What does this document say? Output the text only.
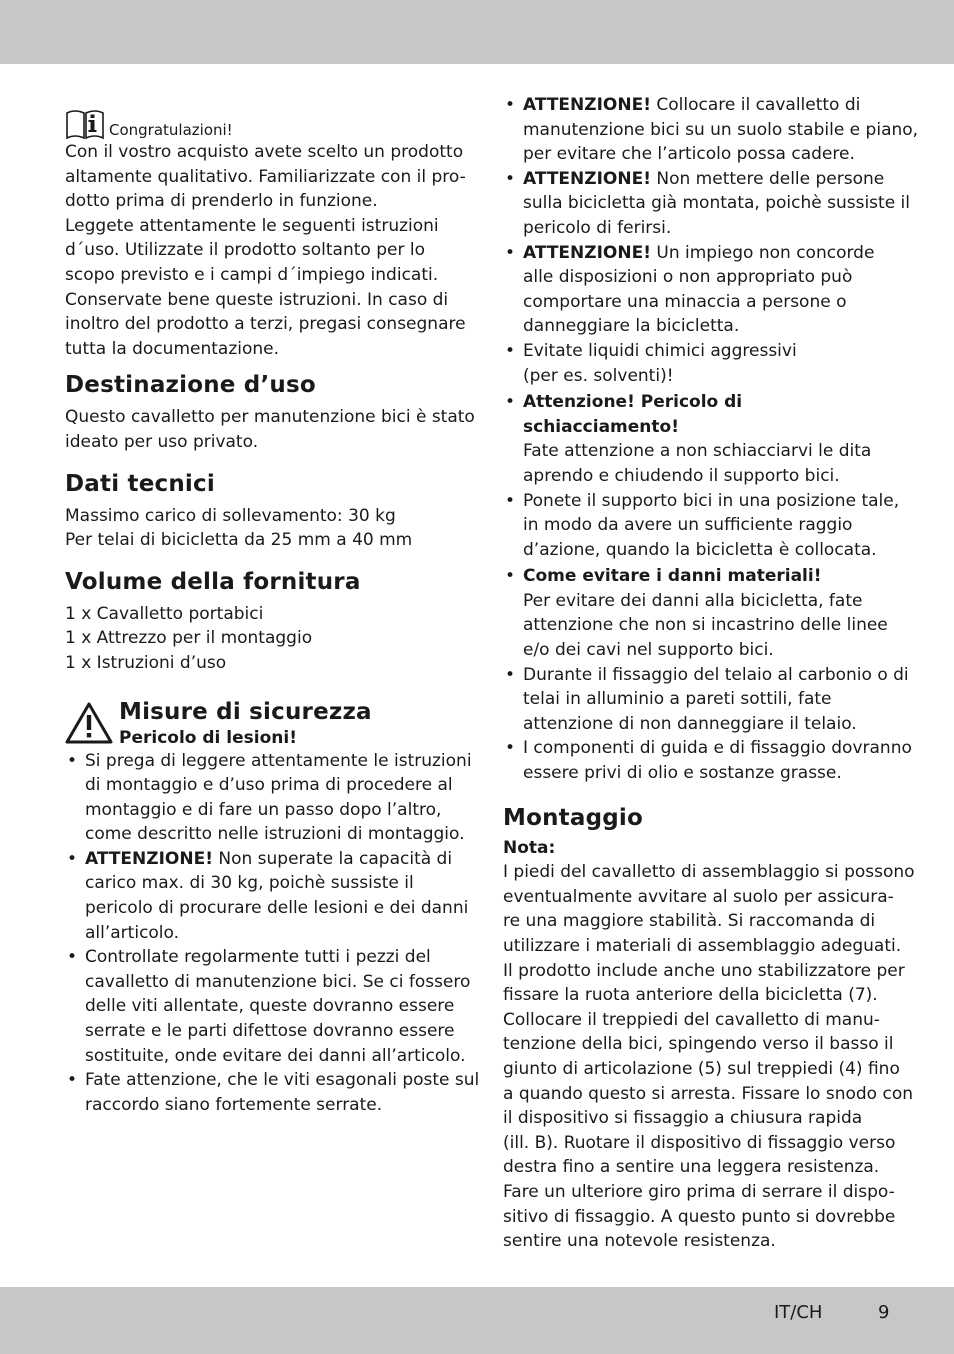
Congratulazioni!

Con il vostro acquisto avete scelto un prodotto

altamente qualitativo. Familiarizzate con il pro-

dotto prima di prenderlo in funzione.

Leggete attentamente le seguenti istruzioni

d´uso. Utilizzate il prodotto soltanto per lo

scopo previsto e i campi d´impiego indicati.

Conservate bene queste istruzioni. In caso di

inoltro del prodotto a terzi, pregasi consegnare

tutta la documentazione.

Destinazione d’uso

Questo cavalletto per manutenzione bici è stato

ideato per uso privato.

Dati tecnici

Massimo carico di sollevamento: 30 kg

Per telai di bicicletta da 25 mm a 40 mm

Volume della fornitura

1 x Cavalletto portabici

1 x Attrezzo per il montaggio

1 x Istruzioni d’uso

Misure di sicurezza
Pericolo di lesioni!
• Si prega di leggere attentamente le istruzioni
di montaggio e d’uso prima di procedere al
montaggio e di fare un passo dopo l’altro,
come descritto nelle istruzioni di montaggio.
• ATTENZIONE! Non superate la capacità di
carico max. di 30 kg, poichè sussiste il
pericolo di procurare delle lesioni e dei danni
all’articolo.
• Controllate regolarmente tutti i pezzi del
cavalletto di manutenzione bici. Se ci fossero
delle viti allentate, queste dovranno essere
serrate e le parti difettose dovranno essere
sostituite, onde evitare dei danni all’articolo.
• Fate attenzione, che le viti esagonali poste sul
raccordo siano fortemente serrate.
• ATTENZIONE! Collocare il cavalletto di
manutenzione bici su un suolo stabile e piano,
per evitare che l’articolo possa cadere.
• ATTENZIONE! Non mettere delle persone
sulla bicicletta già montata, poichè sussiste il
pericolo di ferirsi.
• ATTENZIONE! Un impiego non concorde
alle disposizioni o non appropriato può
comportare una minaccia a persone o
danneggiare la bicicletta.
• Evitate liquidi chimici aggressivi
(per es. solventi)!
• Attenzione! Pericolo di schiacciamento!
Fate attenzione a non schiacciarvi le dita
aprendo e chiudendo il supporto bici.
• Ponete il supporto bici in una posizione tale,
in modo da avere un sufficiente raggio
d’azione, quando la bicicletta è collocata.
• Come evitare i danni materiali!
Per evitare dei danni alla bicicletta, fate
attenzione che non si incastrino delle linee
e/o dei cavi nel supporto bici.
• Durante il fissaggio del telaio al carbonio o di
telai in alluminio a pareti sottili, fate
attenzione di non danneggiare il telaio.
• I componenti di guida e di fissaggio dovranno
essere privi di olio e sostanze grasse.
Montaggio

Nota:

I piedi del cavalletto di assemblaggio si possono

eventualmente avvitare al suolo per assicura-

re una maggiore stabilità. Si raccomanda di

utilizzare i materiali di assemblaggio adeguati.

Il prodotto include anche uno stabilizzatore per

fissare la ruota anteriore della bicicletta (7).

Collocare il treppiedi del cavalletto di manu-

tenzione della bici, spingendo verso il basso il

giunto di articolazione (5) sul treppiedi (4) fino

a quando questo si arresta. Fissare lo snodo con

il dispositivo si fissaggio a chiusura rapida

(ill. B). Ruotare il dispositivo di fissaggio verso

destra fino a sentire una leggera resistenza.

Fare un ulteriore giro prima di serrare il dispo-

sitivo di fissaggio. A questo punto si dovrebbe

sentire una notevole resistenza.

IT/CH	9
